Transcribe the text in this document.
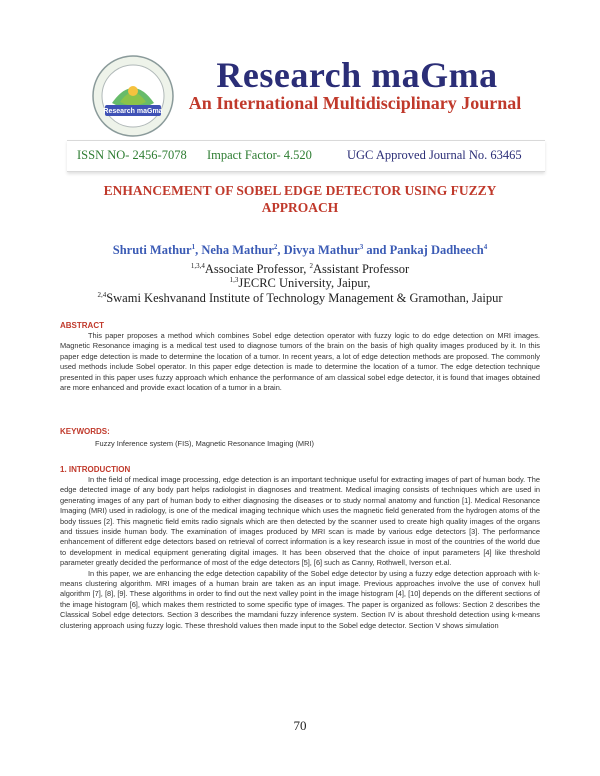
Research maGma
Research maGma
An International Multidisciplinary Journal
ISSN NO- 2456-7078 Impact Factor- 4.520	UGC Approved Journal No. 63465
ENHANCEMENT OF SOBEL EDGE DETECTOR USING FUZZY
APPROACH
Shruti Mathur$^1$, Neha Mathur$^2$, Divya Mathur$^3$ and Pankaj Dadheech$^4$
$^{1,3,4}$Associate Professor, $^2$Assistant Professor
$^{1,3}$JECRC University, Jaipur,
$^{2,4}$Swami Keshvanand Institute of Technology Management & Gramothan, Jaipur
ABSTRACT

This paper proposes a method which combines Sobel edge detection operator with fuzzy logic to do edge detection on MRI images. Magnetic Resonance imaging is a medical test used to diagnose tumors of the brain on the basis of high quality images produced by it. In this paper edge detection is made to determine the location of a tumor. In recent years, a lot of edge detection methods are proposed. The commonly used methods include Sobel operator. In this paper edge detection is made to determine the location of a tumor. The edge detection technique presented in this paper uses fuzzy approach which enhance the performance of am classical sobel edge detector, it is found that images obtained are more enhanced and provide exact location of a tumor in a brain.

KEYWORDS:
Fuzzy Inference system (FIS), Magnetic Resonance Imaging (MRI)
1. INTRODUCTION

In the field of medical image processing, edge detection is an important technique useful for extracting images of part of human body. The edge detected image of any body part helps radiologist in diagnoses and treatment. Medical imaging consists of techniques which are used in generating images of any part of human body to either diagnosing the diseases or to study normal anatomy and function [1]. Medical Resonance Imaging (MRI) used in radiology, is one of the medical imaging technique which uses the magnetic field generated from the hydrogen atoms of the body tissues [2]. This magnetic field emits radio signals which are then detected by the scanner used to create high quality images of the organs and tissues inside human body. The examination of images produced by MRI scan is made by various edge detectors [3]. The performance enhancement of different edge detectors based on retrieval of correct information is a key research issue in most of the countries of the world due to development in medical equipment generating digital images. It has been observed that the choice of input parameters [4] like threshold parameter greatly decided the performance of most of the edge detectors [5], [6] such as Canny, Rothwell, Iverson et.al.

In this paper, we are enhancing the edge detection capability of the Sobel edge detector by using a fuzzy edge detection approach with k-means clustering algorithm. MRI images of a human brain are taken as an input image. Previous approaches involve the use of convex hull algorithm [7], [8], [9]. These algorithms in order to find out the next valley point in the image histogram [4], [10] depends on the different sections of the image histogram [6], which makes them restricted to some specific type of images. The paper is organized as follows: Section 2 describes the Classical Sobel edge detectors. Section 3 describes the mamdani fuzzy inference system. Section IV is about threshold detection using k-means clustering approach using fuzzy logic. These threshold values then made input to the Sobel edge detector. Section V shows simulation

70
